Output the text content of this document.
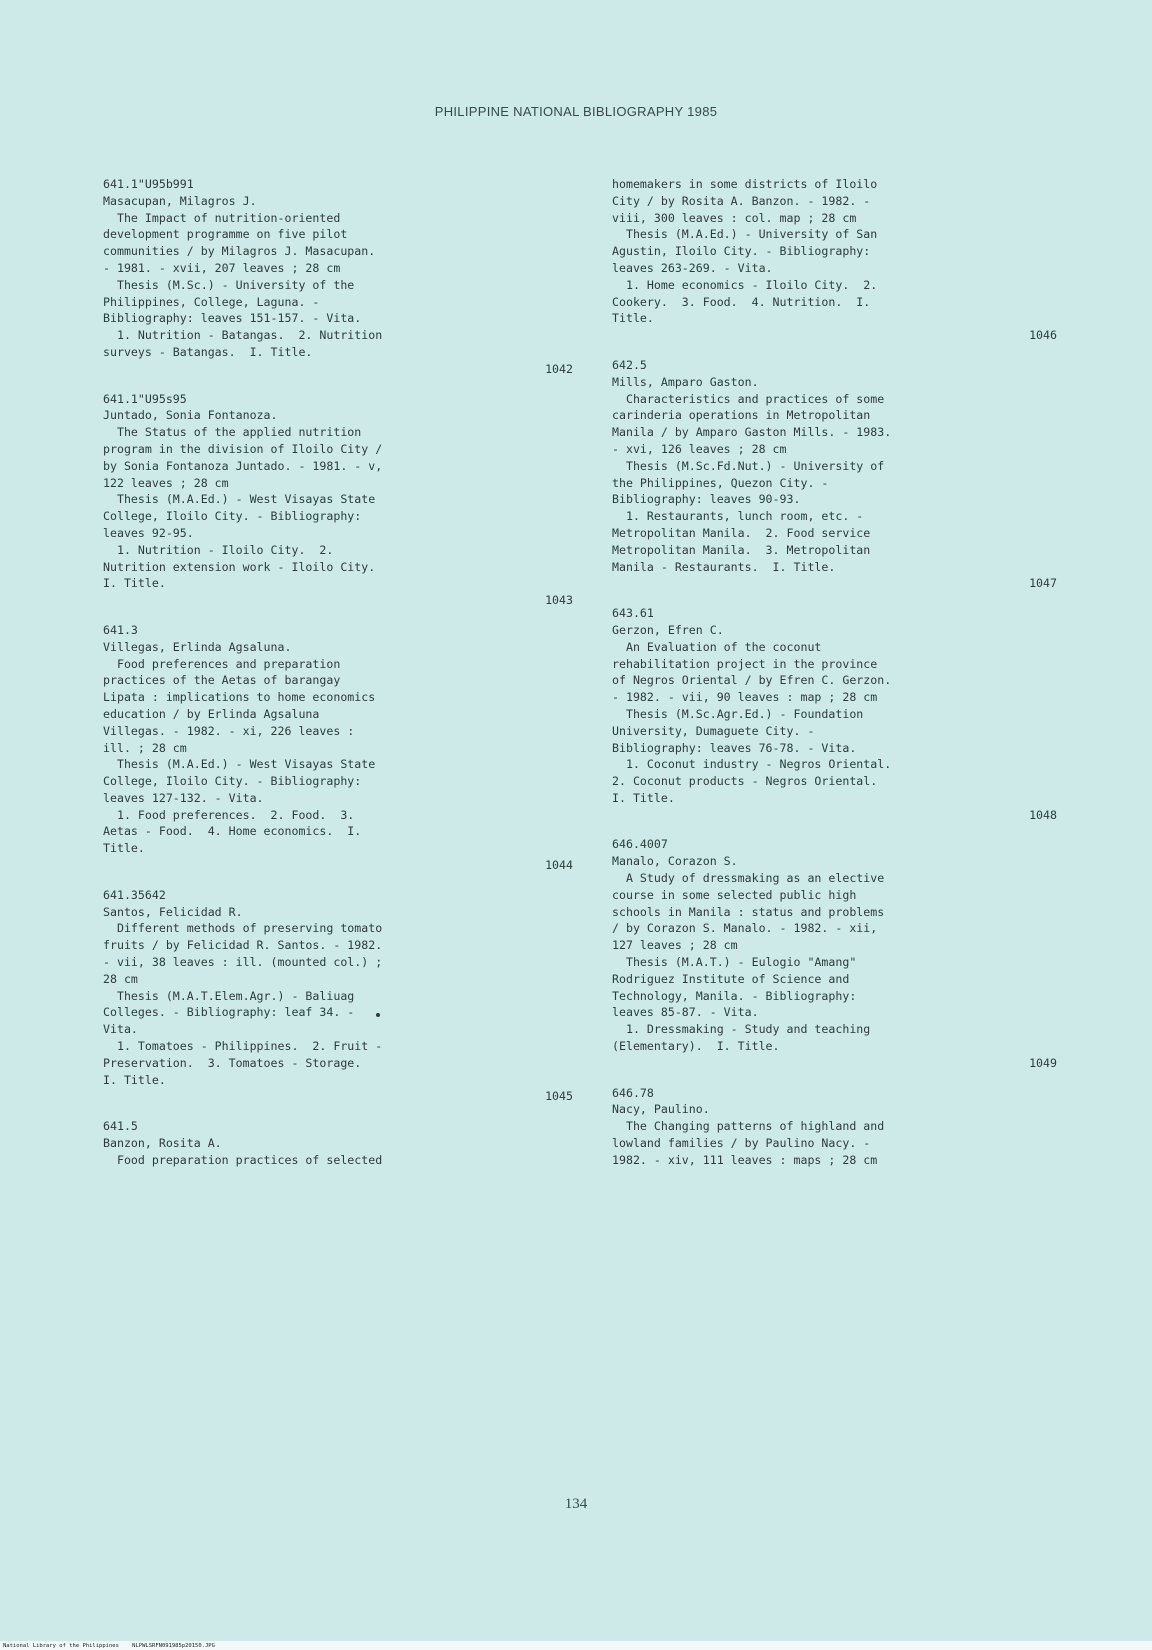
PHILIPPINE NATIONAL BIBLIOGRAPHY 1985
641.1"U95b991
Masacupan, Milagros J.
The Impact of nutrition-oriented
development programme on five pilot
communities / by Milagros J. Masacupan.
- 1981. - xvii, 207 leaves ; 28 cm
Thesis (M.Sc.) - University of the
Philippines, College, Laguna. -
Bibliography: leaves 151-157. - Vita.
1. Nutrition - Batangas.  2. Nutrition
surveys - Batangas.  I. Title.
1042
641.1"U95s95
Juntado, Sonia Fontanoza.
The Status of the applied nutrition
program in the division of Iloilo City /
by Sonia Fontanoza Juntado. - 1981. - v,
122 leaves ; 28 cm
Thesis (M.A.Ed.) - West Visayas State
College, Iloilo City. - Bibliography:
leaves 92-95.
1. Nutrition - Iloilo City.  2.
Nutrition extension work - Iloilo City.
I. Title.
1043
641.3
Villegas, Erlinda Agsaluna.
Food preferences and preparation
practices of the Aetas of barangay
Lipata : implications to home economics
education / by Erlinda Agsaluna
Villegas. - 1982. - xi, 226 leaves :
ill. ; 28 cm
Thesis (M.A.Ed.) - West Visayas State
College, Iloilo City. - Bibliography:
leaves 127-132. - Vita.
1. Food preferences.  2. Food.  3.
Aetas - Food.  4. Home economics.  I.
Title.
1044
641.35642
Santos, Felicidad R.
Different methods of preserving tomato
fruits / by Felicidad R. Santos. - 1982.
- vii, 38 leaves : ill. (mounted col.) ;
28 cm
Thesis (M.A.T.Elem.Agr.) - Baliuag
Colleges. - Bibliography: leaf 34. -
Vita.
1. Tomatoes - Philippines.  2. Fruit -
Preservation.  3. Tomatoes - Storage.
I. Title.
1045
641.5
Banzon, Rosita A.
Food preparation practices of selected
homemakers in some districts of Iloilo
City / by Rosita A. Banzon. - 1982. -
viii, 300 leaves : col. map ; 28 cm
Thesis (M.A.Ed.) - University of San
Agustin, Iloilo City. - Bibliography:
leaves 263-269. - Vita.
1. Home economics - Iloilo City.  2.
Cookery.  3. Food.  4. Nutrition.  I.
Title.
1046
642.5
Mills, Amparo Gaston.
Characteristics and practices of some
carinderia operations in Metropolitan
Manila / by Amparo Gaston Mills. - 1983.
- xvi, 126 leaves ; 28 cm
Thesis (M.Sc.Fd.Nut.) - University of
the Philippines, Quezon City. -
Bibliography: leaves 90-93.
1. Restaurants, lunch room, etc. -
Metropolitan Manila.  2. Food service
Metropolitan Manila.  3. Metropolitan
Manila - Restaurants.  I. Title.
1047
643.61
Gerzon, Efren C.
An Evaluation of the coconut
rehabilitation project in the province
of Negros Oriental / by Efren C. Gerzon.
- 1982. - vii, 90 leaves : map ; 28 cm
Thesis (M.Sc.Agr.Ed.) - Foundation
University, Dumaguete City. -
Bibliography: leaves 76-78. - Vita.
1. Coconut industry - Negros Oriental.
2. Coconut products - Negros Oriental.
I. Title.
1048
646.4007
Manalo, Corazon S.
A Study of dressmaking as an elective
course in some selected public high
schools in Manila : status and problems
/ by Corazon S. Manalo. - 1982. - xii,
127 leaves ; 28 cm
Thesis (M.A.T.) - Eulogio "Amang"
Rodriguez Institute of Science and
Technology, Manila. - Bibliography:
leaves 85-87. - Vita.
1. Dressmaking - Study and teaching
(Elementary).  I. Title.
1049
646.78
Nacy, Paulino.
The Changing patterns of highland and
lowland families / by Paulino Nacy. -
1982. - xiv, 111 leaves : maps ; 28 cm
134
National Library of the Philippines    NLPWLSRFN091985p20150.JPG
